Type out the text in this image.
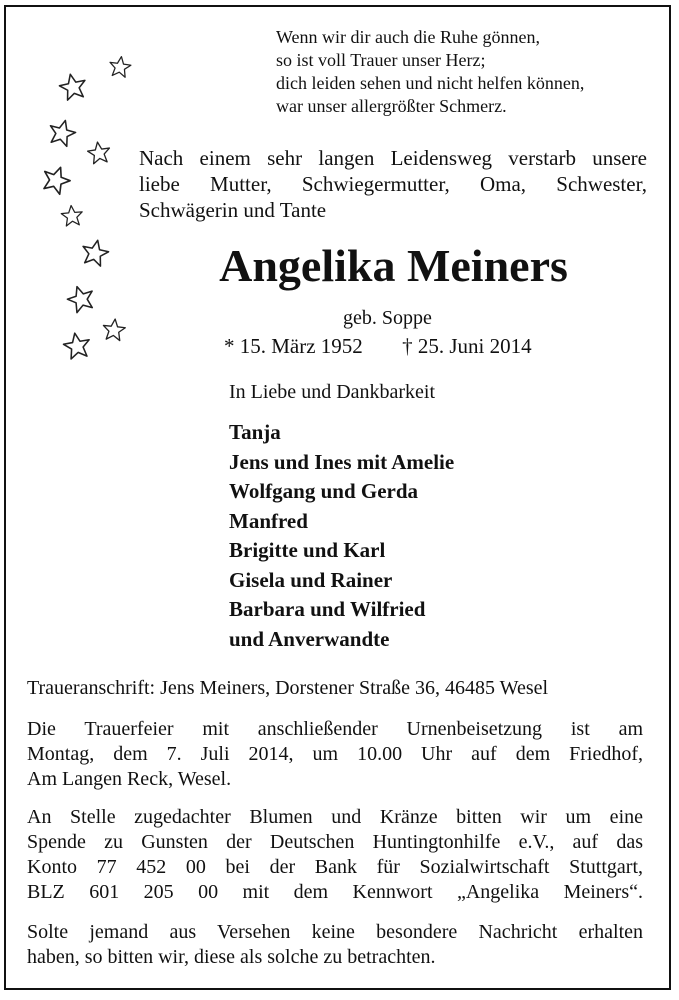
Wenn wir dir auch die Ruhe gönnen,
so ist voll Trauer unser Herz;
dich leiden sehen und nicht helfen können,
war unser allergrößter Schmerz.
Nach einem sehr langen Leidensweg verstarb unsere
liebe Mutter, Schwiegermutter, Oma, Schwester,
Schwägerin und Tante
Angelika Meiners
geb. Soppe
* 15. März 1952 † 25. Juni 2014
In Liebe und Dankbarkeit
Tanja
Jens und Ines mit Amelie
Wolfgang und Gerda
Manfred
Brigitte und Karl
Gisela und Rainer
Barbara und Wilfried
und Anverwandte
Traueranschrift: Jens Meiners, Dorstener Straße 36, 46485 Wesel
Die Trauerfeier mit anschließender Urnenbeisetzung ist am
Montag, dem 7. Juli 2014, um 10.00 Uhr auf dem Friedhof,
Am Langen Reck, Wesel.
An Stelle zugedachter Blumen und Kränze bitten wir um eine
Spende zu Gunsten der Deutschen Huntingtonhilfe e.V., auf das
Konto 77 452 00 bei der Bank für Sozialwirtschaft Stuttgart,
BLZ 601 205 00 mit dem Kennwort „Angelika Meiners“.
Solte jemand aus Versehen keine besondere Nachricht erhalten
haben, so bitten wir, diese als solche zu betrachten.
